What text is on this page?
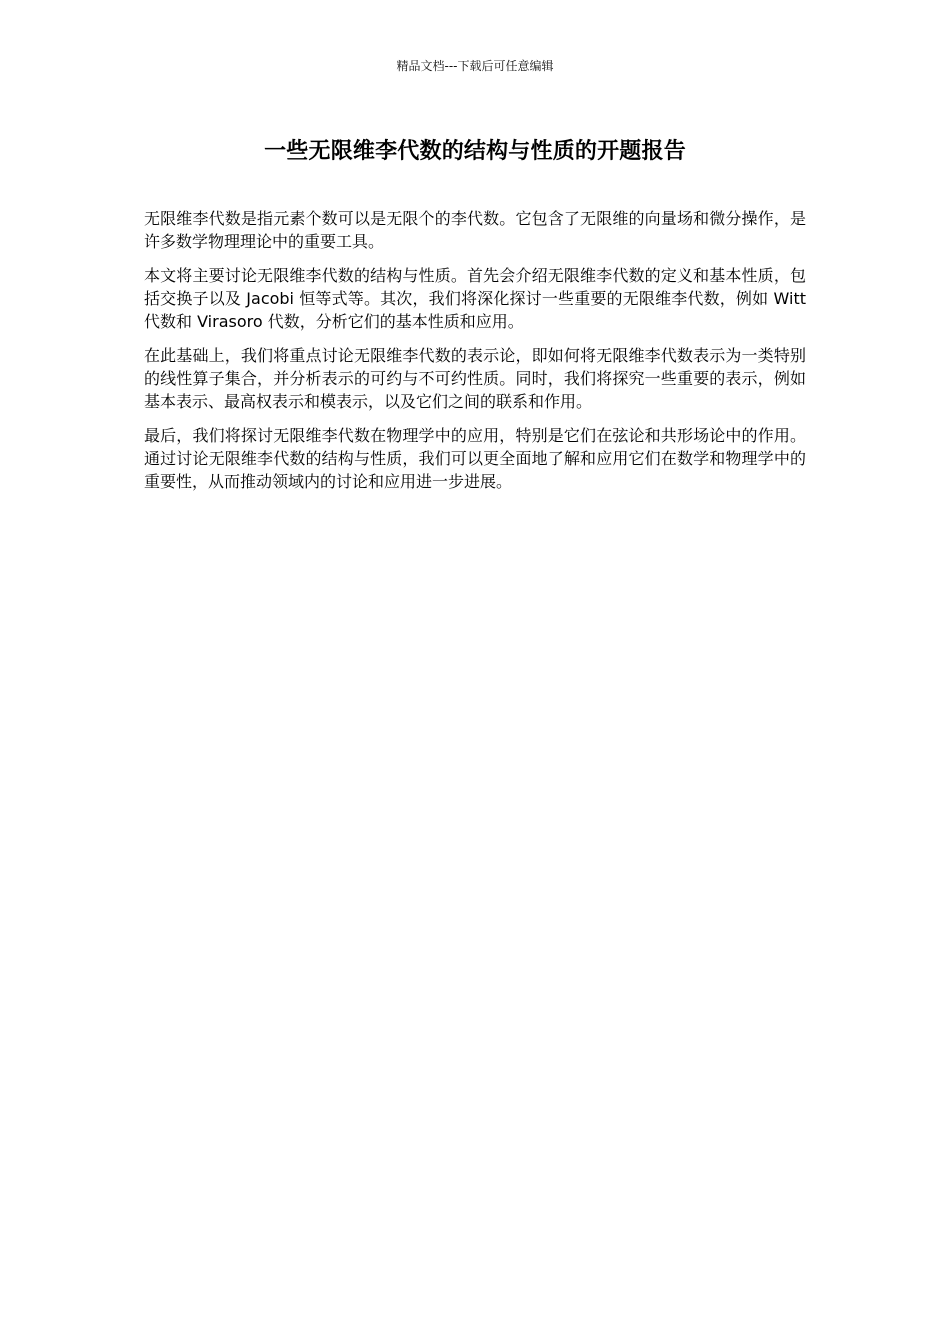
精品文档---下载后可任意编辑
一些无限维李代数的结构与性质的开题报告

无限维李代数是指元素个数可以是无限个的李代数。它包含了无限维的向量场和微分操作，是许多数学物理理论中的重要工具。

本文将主要讨论无限维李代数的结构与性质。首先会介绍无限维李代数的定义和基本性质，包括交换子以及 Jacobi 恒等式等。其次，我们将深化探讨一些重要的无限维李代数，例如 Witt 代数和 Virasoro 代数，分析它们的基本性质和应用。

在此基础上，我们将重点讨论无限维李代数的表示论，即如何将无限维李代数表示为一类特别的线性算子集合，并分析表示的可约与不可约性质。同时，我们将探究一些重要的表示，例如基本表示、最高权表示和模表示，以及它们之间的联系和作用。

最后，我们将探讨无限维李代数在物理学中的应用，特别是它们在弦论和共形场论中的作用。通过讨论无限维李代数的结构与性质，我们可以更全面地了解和应用它们在数学和物理学中的重要性，从而推动领域内的讨论和应用进一步进展。
